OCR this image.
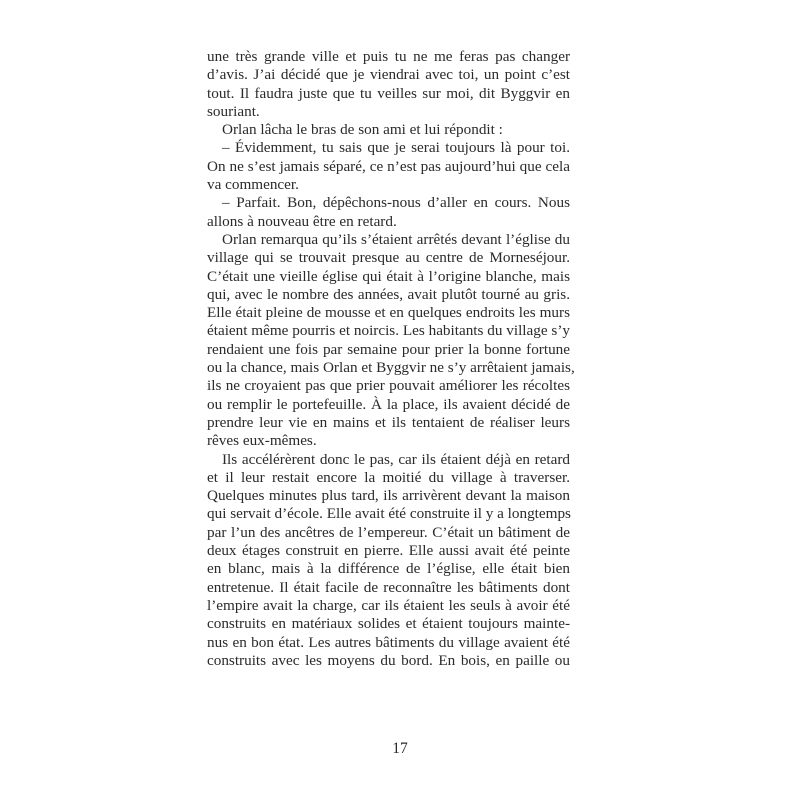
une très grande ville et puis tu ne me feras pas changer
d’avis. J’ai décidé que je viendrai avec toi, un point c’est
tout. Il faudra juste que tu veilles sur moi, dit Byggvir en
souriant.
Orlan lâcha le bras de son ami et lui répondit :
– Évidemment, tu sais que je serai toujours là pour toi.
On ne s’est jamais séparé, ce n’est pas aujourd’hui que cela
va commencer.
– Parfait. Bon, dépêchons-nous d’aller en cours. Nous
allons à nouveau être en retard.
Orlan remarqua qu’ils s’étaient arrêtés devant l’église du
village qui se trouvait presque au centre de Morneséjour.
C’était une vieille église qui était à l’origine blanche, mais
qui, avec le nombre des années, avait plutôt tourné au gris.
Elle était pleine de mousse et en quelques endroits les murs
étaient même pourris et noircis. Les habitants du village s’y
rendaient une fois par semaine pour prier la bonne fortune
ou la chance, mais Orlan et Byggvir ne s’y arrêtaient jamais,
ils ne croyaient pas que prier pouvait améliorer les récoltes
ou remplir le portefeuille. À la place, ils avaient décidé de
prendre leur vie en mains et ils tentaient de réaliser leurs
rêves eux-mêmes.
Ils accélérèrent donc le pas, car ils étaient déjà en retard
et il leur restait encore la moitié du village à traverser.
Quelques minutes plus tard, ils arrivèrent devant la maison
qui servait d’école. Elle avait été construite il y a longtemps
par l’un des ancêtres de l’empereur. C’était un bâtiment de
deux étages construit en pierre. Elle aussi avait été peinte
en blanc, mais à la différence de l’église, elle était bien
entretenue. Il était facile de reconnaître les bâtiments dont
l’empire avait la charge, car ils étaient les seuls à avoir été
construits en matériaux solides et étaient toujours mainte-
nus en bon état. Les autres bâtiments du village avaient été
construits avec les moyens du bord. En bois, en paille ou
17
